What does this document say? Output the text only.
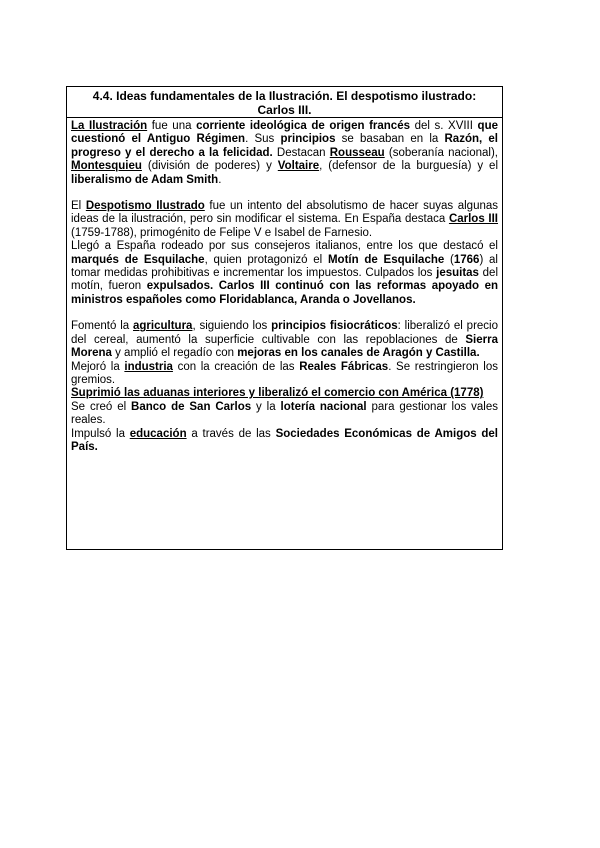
4.4. Ideas fundamentales de la Ilustración. El despotismo ilustrado:
Carlos III.

La Ilustración fue una corriente ideológica de origen francés del s. XVIII que cuestionó el Antiguo Régimen. Sus principios se basaban en la Razón, el progreso y el derecho a la felicidad. Destacan Rousseau (soberanía nacional), Montesquieu (división de poderes) y Voltaire, (defensor de la burguesía) y el liberalismo de Adam Smith.

El Despotismo Ilustrado fue un intento del absolutismo de hacer suyas algunas ideas de la ilustración, pero sin modificar el sistema. En España destaca Carlos III (1759-1788), primogénito de Felipe V e Isabel de Farnesio.

Llegó a España rodeado por sus consejeros italianos, entre los que destacó el marqués de Esquilache, quien protagonizó el Motín de Esquilache (1766) al tomar medidas prohibitivas e incrementar los impuestos. Culpados los jesuitas del motín, fueron expulsados. Carlos III continuó con las reformas apoyado en ministros españoles como Floridablanca, Aranda o Jovellanos.

Fomentó la agricultura, siguiendo los principios fisiocráticos: liberalizó el precio del cereal, aumentó la superficie cultivable con las repoblaciones de Sierra Morena y amplió el regadío con mejoras en los canales de Aragón y Castilla.

Mejoró la industria con la creación de las Reales Fábricas. Se restringieron los gremios.

Suprimió las aduanas interiores y liberalizó el comercio con América (1778)

Se creó el Banco de San Carlos y la lotería nacional para gestionar los vales reales.

Impulsó la educación a través de las Sociedades Económicas de Amigos del País.
